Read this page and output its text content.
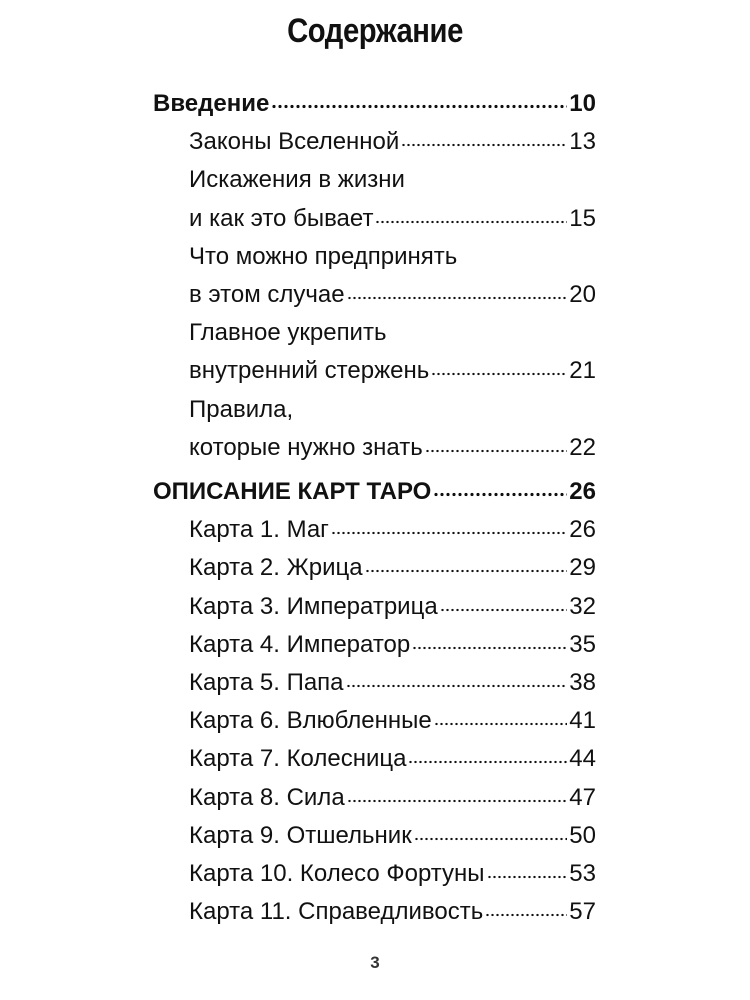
Содержание
Введение	10
Законы Вселенной	13
Искажения в жизни
и как это бывает	15
Что можно предпринять
в этом случае	20
Главное укрепить
внутренний стержень	21
Правила,
которые нужно знать	22
ОПИСАНИЕ КАРТ ТАРО	26
Карта 1. Маг	26
Карта 2. Жрица	29
Карта 3. Императрица	32
Карта 4. Император	35
Карта 5. Папа	38
Карта 6. Влюбленные	41
Карта 7. Колесница	44
Карта 8. Сила	47
Карта 9. Отшельник	50
Карта 10. Колесо Фортуны	53
Карта 11. Справедливость	57
3
